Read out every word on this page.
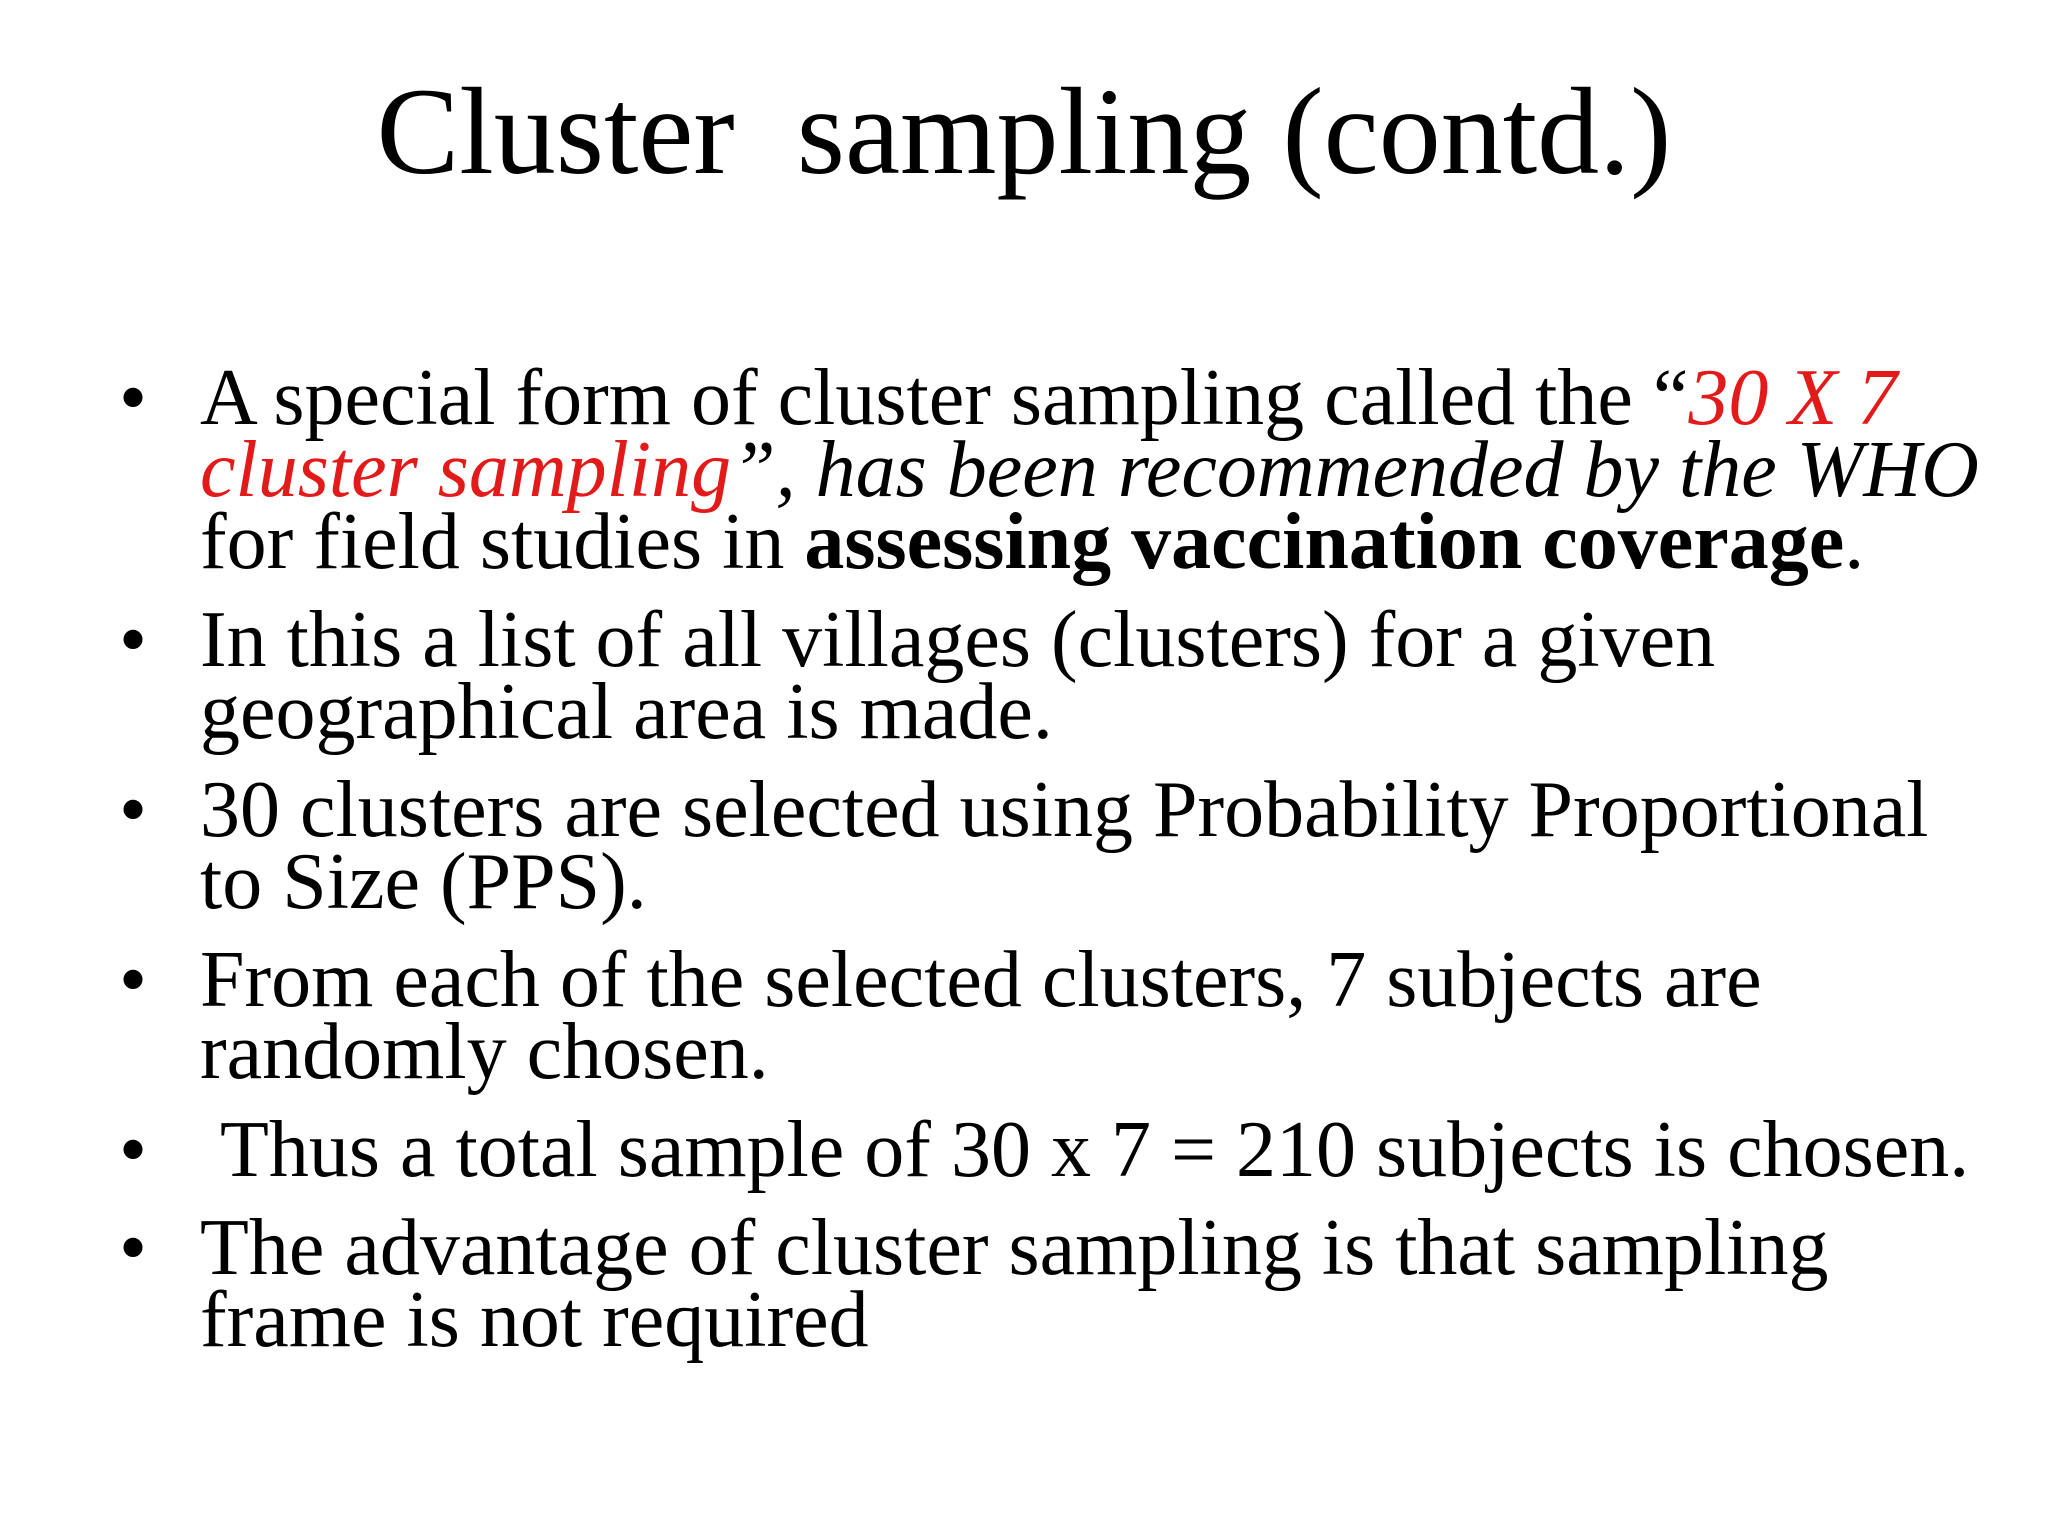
Cluster  sampling (contd.)
• A special form of cluster sampling called the “30 X 7 cluster sampling”, has been recommended by the WHO for field studies in assessing vaccination coverage.
• In this a list of all villages (clusters) for a given geographical area is made.
• 30 clusters are selected using Probability Proportional to Size (PPS).
• From each of the selected clusters, 7 subjects are randomly chosen.
• Thus a total sample of 30 x 7 = 210 subjects is chosen.
• The advantage of cluster sampling is that sampling frame is not required
